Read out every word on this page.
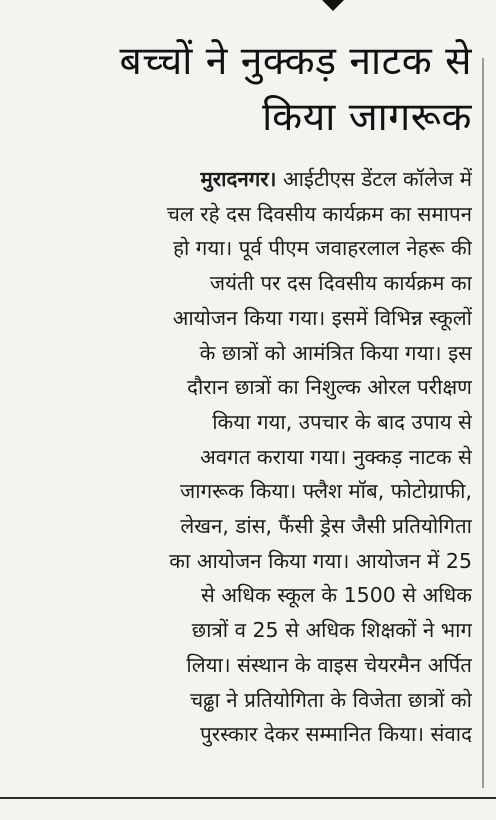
बच्चों ने नुक्कड़ नाटक से
किया जागरूक
मुरादनगर। आईटीएस डेंटल कॉलेज में
चल रहे दस दिवसीय कार्यक्रम का समापन
हो गया। पूर्व पीएम जवाहरलाल नेहरू की
जयंती पर दस दिवसीय कार्यक्रम का
आयोजन किया गया। इसमें विभिन्न स्कूलों
के छात्रों को आमंत्रित किया गया। इस
दौरान छात्रों का निशुल्क ओरल परीक्षण
किया गया, उपचार के बाद उपाय से
अवगत कराया गया। नुक्कड़ नाटक से
जागरूक किया। फ्लैश मॉब, फोटोग्राफी,
लेखन, डांस, फैंसी ड्रेस जैसी प्रतियोगिता
का आयोजन किया गया। आयोजन में 25
से अधिक स्कूल के 1500 से अधिक
छात्रों व 25 से अधिक शिक्षकों ने भाग
लिया। संस्थान के वाइस चेयरमैन अर्पित
चढ्ढा ने प्रतियोगिता के विजेता छात्रों को
पुरस्कार देकर सम्मानित किया। संवाद
